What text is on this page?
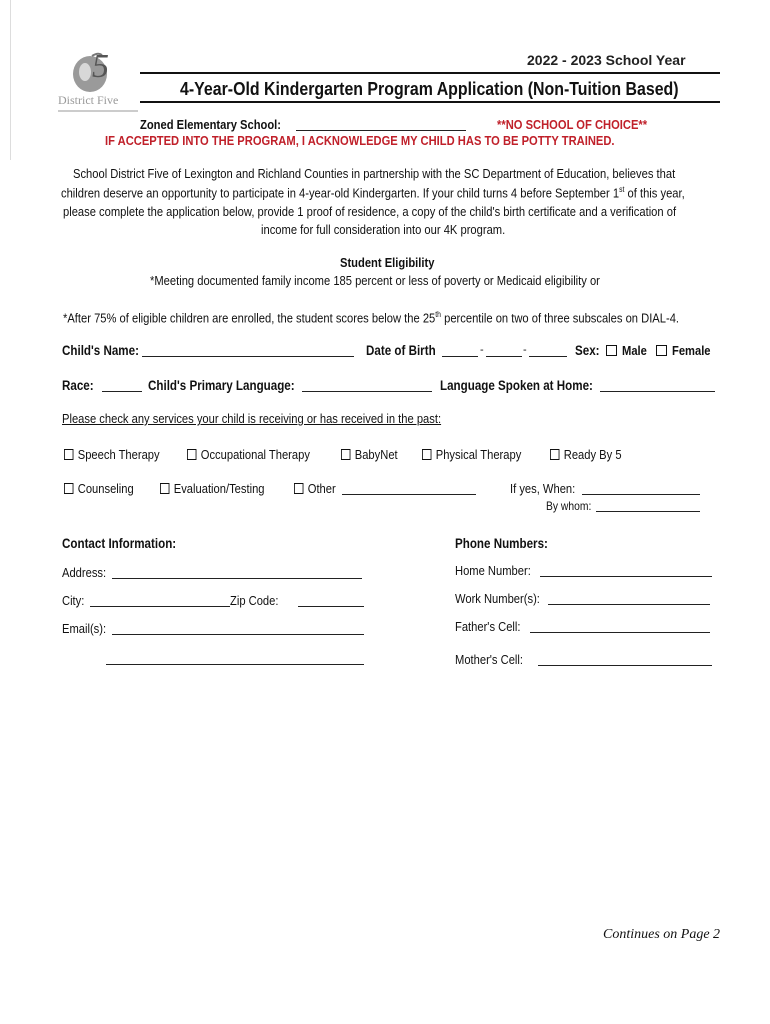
5
District Five
2022 - 2023 School Year
4-Year-Old Kindergarten Program Application (Non-Tuition Based)
Zoned Elementary School:	**NO SCHOOL OF CHOICE**
IF ACCEPTED INTO THE PROGRAM, I ACKNOWLEDGE MY CHILD HAS TO BE POTTY TRAINED.
School District Five of Lexington and Richland Counties in partnership with the SC Department of Education, believes that
children deserve an opportunity to participate in 4-year-old Kindergarten. If your child turns 4 before September 1st of this year,
please complete the application below, provide 1 proof of residence, a copy of the child's birth certificate and a verification of
income for full consideration into our 4K program.
Student Eligibility
*Meeting documented family income 185 percent or less of poverty or Medicaid eligibility or
*After 75% of eligible children are enrolled, the student scores below the 25th percentile on two of three subscales on DIAL-4.
Child's Name:	Date of Birth	-	-	Sex:	Male	Female
Race:	Child's Primary Language:	Language Spoken at Home:
Please check any services your child is receiving or has received in the past:
Speech Therapy	Occupational Therapy	BabyNet	Physical Therapy	Ready By 5
Counseling	Evaluation/Testing	Other	If yes, When:
By whom:
Contact Information:
Address:
City:	Zip Code:
Email(s):
Phone Numbers:
Home Number:
Work Number(s):
Father's Cell:
Mother's Cell:
Continues on Page 2
